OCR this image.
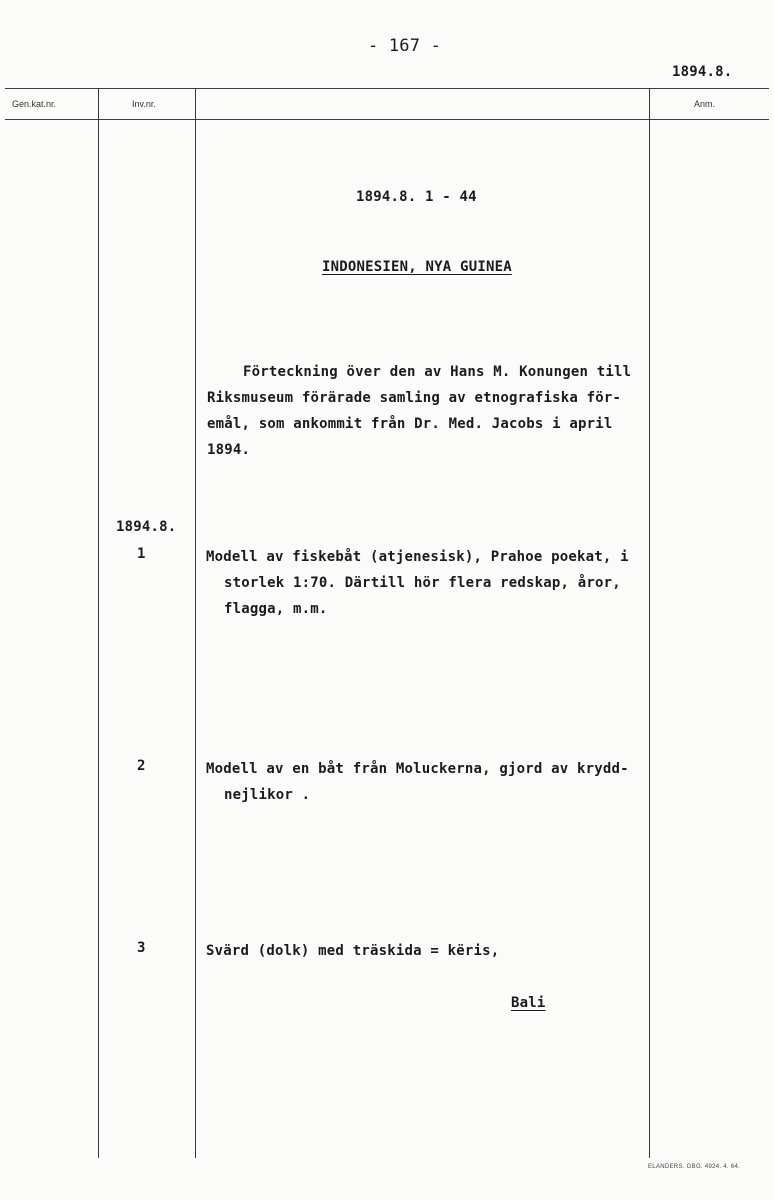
- 167 -
1894.8.
Gen.kat.nr.	Inv.nr.	Anm.
1894.8. 1 - 44
INDONESIEN, NYA GUINEA
Förteckning över den av Hans M. Konungen till
Riksmuseum förärade samling av etnografiska för-
emål, som ankommit från Dr. Med. Jacobs i april
1894.
1894.8.
1	Modell av fiskebåt (atjenesisk), Prahoe poekat, i
storlek 1:70. Därtill hör flera redskap, åror,
flagga, m.m.
2	Modell av en båt från Moluckerna, gjord av krydd-
nejlikor .
3	Svärd (dolk) med träskida = këris,
Bali
ELANDERS. GBG. 4924. 4. 64.
